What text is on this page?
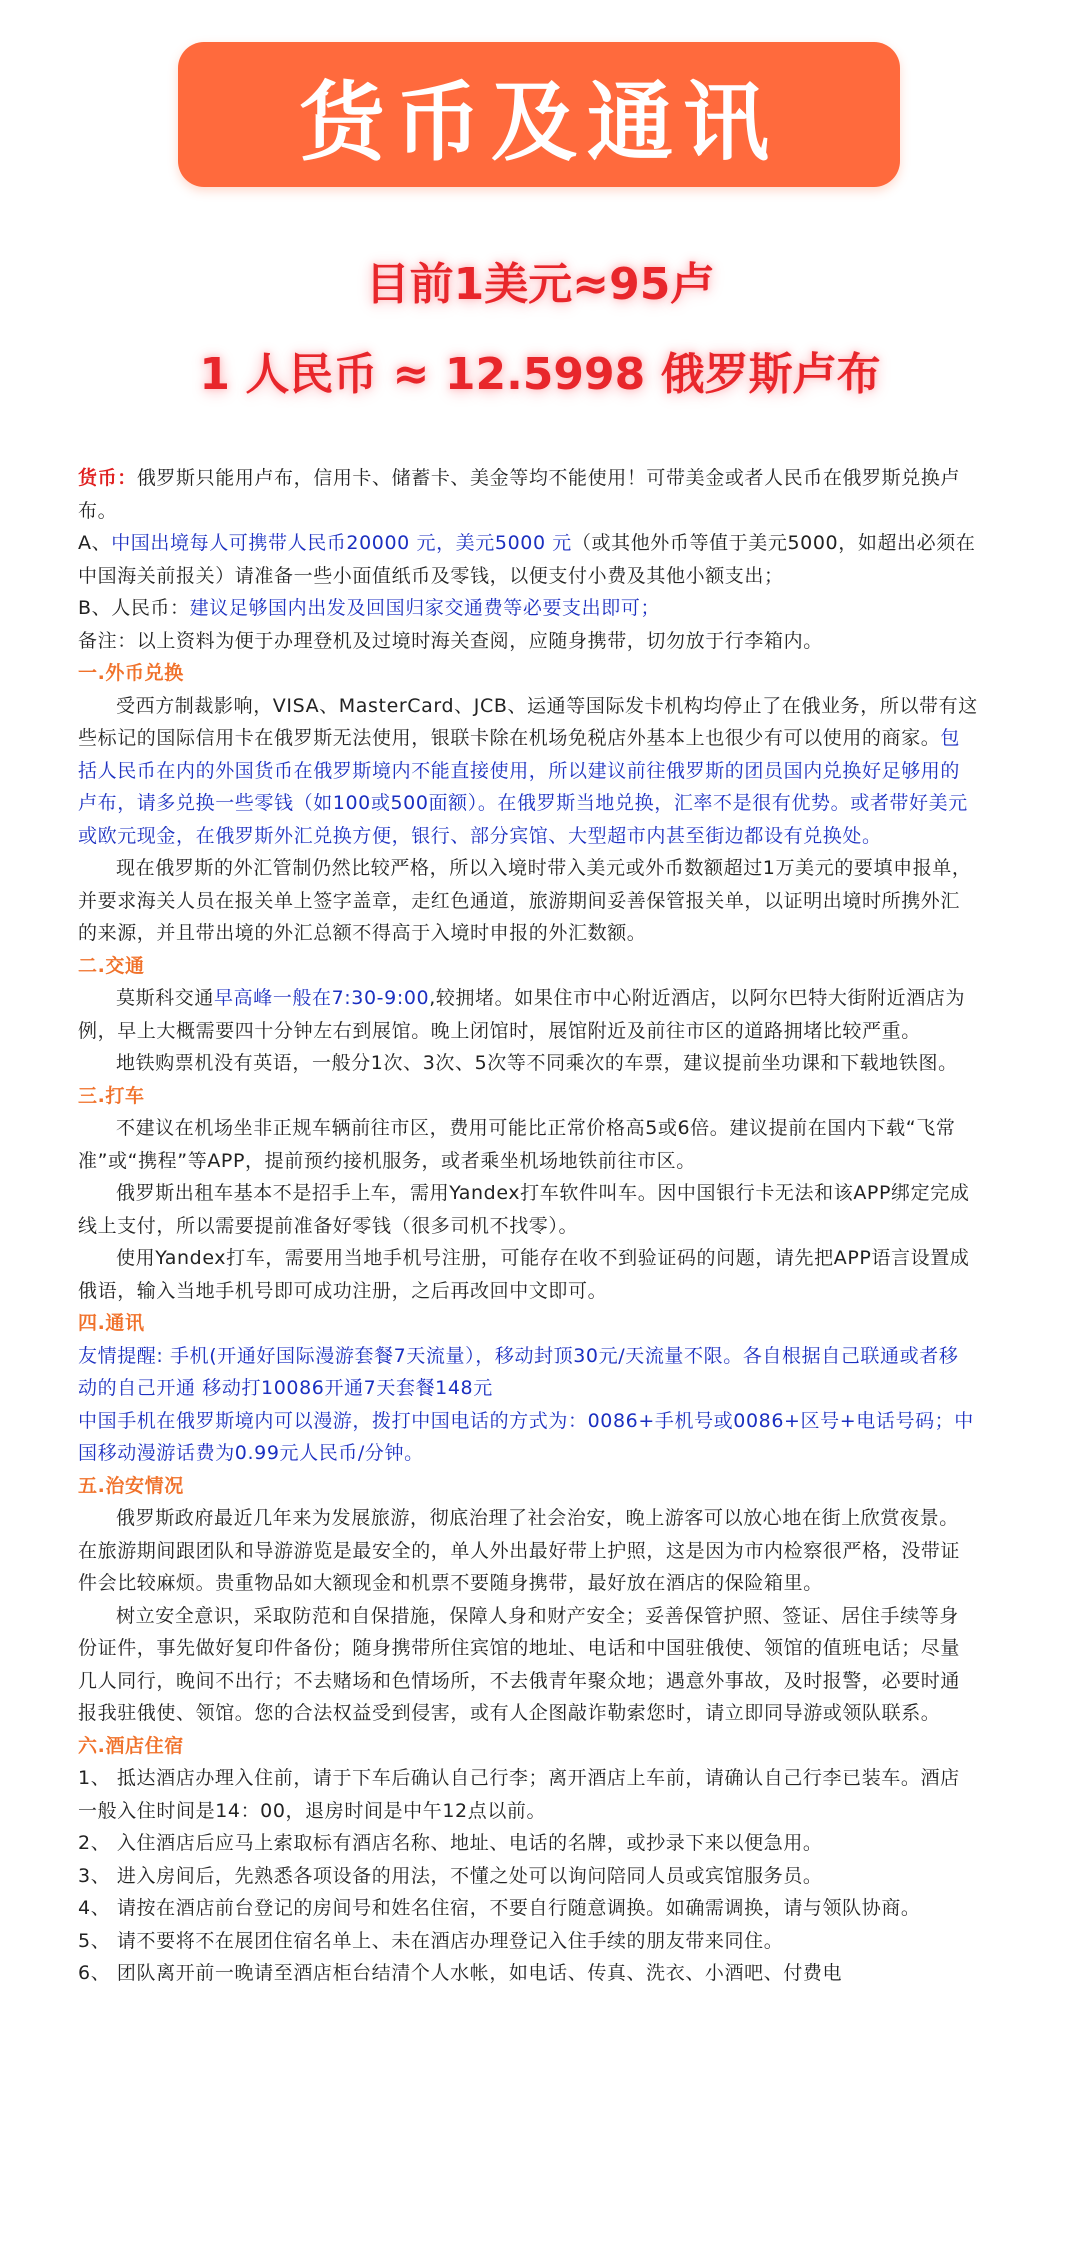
货币及通讯
目前1美元≈95卢
1 人民币 ≈ 12.5998 俄罗斯卢布

货币：俄罗斯只能用卢布，信用卡、储蓄卡、美金等均不能使用！可带美金或者人民币在俄罗斯兑换卢布。

A、中国出境每人可携带人民币20000 元，美元5000 元（或其他外币等值于美元5000，如超出必须在中国海关前报关）请准备一些小面值纸币及零钱，以便支付小费及其他小额支出；

B、人民币：建议足够国内出发及回国归家交通费等必要支出即可；

备注：以上资料为便于办理登机及过境时海关查阅，应随身携带，切勿放于行李箱内。

一.外币兑换

受西方制裁影响，VISA、MasterCard、JCB、运通等国际发卡机构均停止了在俄业务，所以带有这些标记的国际信用卡在俄罗斯无法使用，银联卡除在机场免税店外基本上也很少有可以使用的商家。包括人民币在内的外国货币在俄罗斯境内不能直接使用，所以建议前往俄罗斯的团员国内兑换好足够用的卢布，请多兑换一些零钱（如100或500面额）。在俄罗斯当地兑换，汇率不是很有优势。或者带好美元或欧元现金，在俄罗斯外汇兑换方便，银行、部分宾馆、大型超市内甚至街边都设有兑换处。

现在俄罗斯的外汇管制仍然比较严格，所以入境时带入美元或外币数额超过1万美元的要填申报单，并要求海关人员在报关单上签字盖章，走红色通道，旅游期间妥善保管报关单，以证明出境时所携外汇的来源，并且带出境的外汇总额不得高于入境时申报的外汇数额。

二.交通

莫斯科交通早高峰一般在7:30-9:00,较拥堵。如果住市中心附近酒店，以阿尔巴特大街附近酒店为例，早上大概需要四十分钟左右到展馆。晚上闭馆时，展馆附近及前往市区的道路拥堵比较严重。

地铁购票机没有英语，一般分1次、3次、5次等不同乘次的车票，建议提前坐功课和下载地铁图。

三.打车

不建议在机场坐非正规车辆前往市区，费用可能比正常价格高5或6倍。建议提前在国内下载“飞常准”或“携程”等APP，提前预约接机服务，或者乘坐机场地铁前往市区。

俄罗斯出租车基本不是招手上车，需用Yandex打车软件叫车。因中国银行卡无法和该APP绑定完成线上支付，所以需要提前准备好零钱（很多司机不找零）。

使用Yandex打车，需要用当地手机号注册，可能存在收不到验证码的问题，请先把APP语言设置成俄语，输入当地手机号即可成功注册，之后再改回中文即可。

四.通讯

友情提醒: 手机(开通好国际漫游套餐7天流量），移动封顶30元/天流量不限。各自根据自己联通或者移动的自己开通 移动打10086开通7天套餐148元

中国手机在俄罗斯境内可以漫游，拨打中国电话的方式为：0086+手机号或0086+区号+电话号码；中国移动漫游话费为0.99元人民币/分钟。

五.治安情况

俄罗斯政府最近几年来为发展旅游，彻底治理了社会治安，晚上游客可以放心地在街上欣赏夜景。在旅游期间跟团队和导游游览是最安全的，单人外出最好带上护照，这是因为市内检察很严格，没带证件会比较麻烦。贵重物品如大额现金和机票不要随身携带，最好放在酒店的保险箱里。

树立安全意识，采取防范和自保措施，保障人身和财产安全；妥善保管护照、签证、居住手续等身份证件，事先做好复印件备份；随身携带所住宾馆的地址、电话和中国驻俄使、领馆的值班电话；尽量几人同行，晚间不出行；不去赌场和色情场所，不去俄青年聚众地；遇意外事故，及时报警，必要时通报我驻俄使、领馆。您的合法权益受到侵害，或有人企图敲诈勒索您时，请立即同导游或领队联系。

六.酒店住宿

1、 抵达酒店办理入住前，请于下车后确认自己行李；离开酒店上车前，请确认自己行李已装车。酒店一般入住时间是14：00，退房时间是中午12点以前。

2、 入住酒店后应马上索取标有酒店名称、地址、电话的名牌，或抄录下来以便急用。

3、 进入房间后，先熟悉各项设备的用法，不懂之处可以询问陪同人员或宾馆服务员。

4、 请按在酒店前台登记的房间号和姓名住宿，不要自行随意调换。如确需调换，请与领队协商。

5、 请不要将不在展团住宿名单上、未在酒店办理登记入住手续的朋友带来同住。

6、 团队离开前一晚请至酒店柜台结清个人水帐，如电话、传真、洗衣、小酒吧、付费电
